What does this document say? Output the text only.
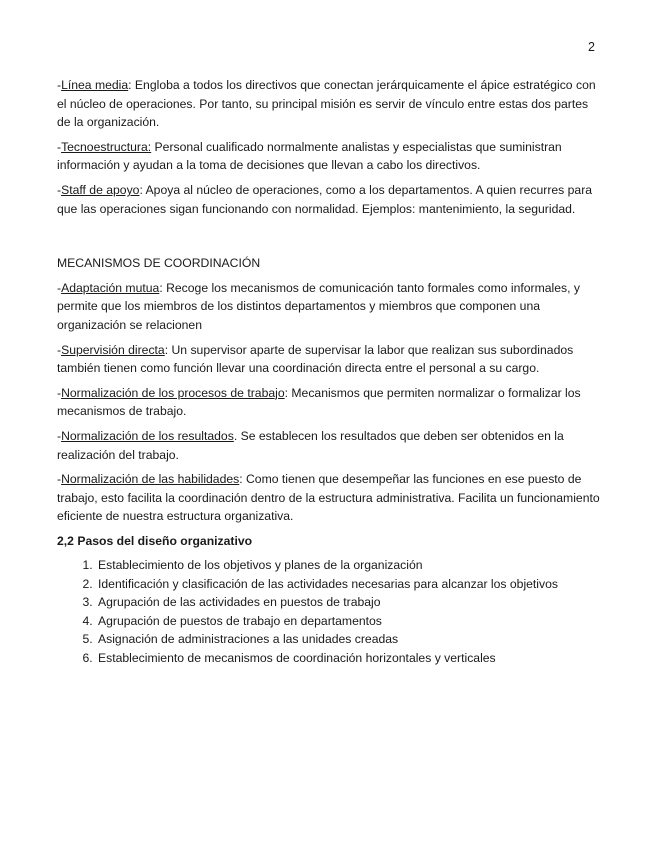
2

-Línea media: Engloba a todos los directivos que conectan jerárquicamente el ápice estratégico con el núcleo de operaciones. Por tanto, su principal misión es servir de vínculo entre estas dos partes de la organización.

-Tecnoestructura: Personal cualificado normalmente analistas y especialistas que suministran información y ayudan a la toma de decisiones que llevan a cabo los directivos.

-Staff de apoyo: Apoya al núcleo de operaciones, como a los departamentos. A quien recurres para que las operaciones sigan funcionando con normalidad. Ejemplos: mantenimiento, la seguridad.

MECANISMOS DE COORDINACIÓN

-Adaptación mutua: Recoge los mecanismos de comunicación tanto formales como informales, y permite que los miembros de los distintos departamentos y miembros que componen una organización se relacionen

-Supervisión directa: Un supervisor aparte de supervisar la labor que realizan sus subordinados también tienen como función llevar una coordinación directa entre el personal a su cargo.

-Normalización de los procesos de trabajo: Mecanismos que permiten normalizar o formalizar los mecanismos de trabajo.

-Normalización de los resultados. Se establecen los resultados que deben ser obtenidos en la realización del trabajo.

-Normalización de las habilidades: Como tienen que desempeñar las funciones en ese puesto de trabajo, esto facilita la coordinación dentro de la estructura administrativa. Facilita un funcionamiento eficiente de nuestra estructura organizativa.

2,2 Pasos del diseño organizativo

1. Establecimiento de los objetivos y planes de la organización
2. Identificación y clasificación de las actividades necesarias para alcanzar los objetivos
3. Agrupación de las actividades en puestos de trabajo
4. Agrupación de puestos de trabajo en departamentos
5. Asignación de administraciones a las unidades creadas
6. Establecimiento de mecanismos de coordinación horizontales y verticales
